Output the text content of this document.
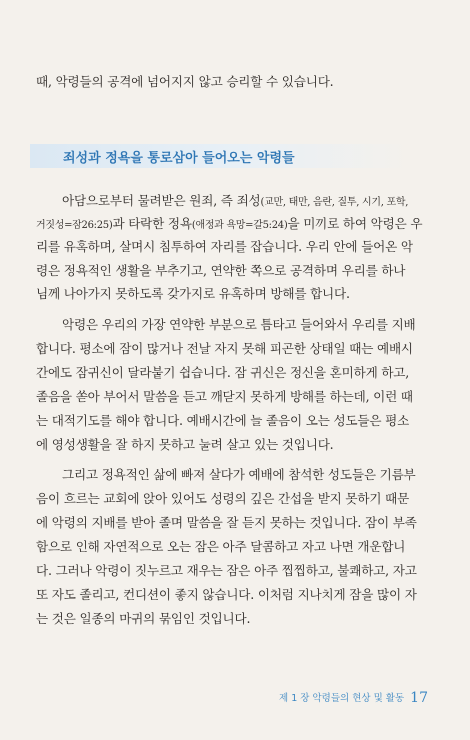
때, 악령들의 공격에 넘어지지 않고 승리할 수 있습니다.
죄성과 정욕을 통로삼아 들어오는 악령들
아담으로부터 물려받은 원죄, 즉 죄성(교만, 태만, 음란, 질투, 시기, 포학,
거짓성=잠26:25)과 타락한 정욕(애정과 욕망=갈5:24)을 미끼로 하여 악령은 우
리를 유혹하며, 살며시 침투하여 자리를 잡습니다. 우리 안에 들어온 악
령은 정욕적인 생활을 부추기고, 연약한 쪽으로 공격하며 우리를 하나
님께 나아가지 못하도록 갖가지로 유혹하며 방해를 합니다.
악령은 우리의 가장 연약한 부분으로 틈타고 들어와서 우리를 지배
합니다. 평소에 잠이 많거나 전날 자지 못해 피곤한 상태일 때는 예배시
간에도 잠귀신이 달라붙기 쉽습니다. 잠 귀신은 정신을 혼미하게 하고,
졸음을 쏟아 부어서 말씀을 듣고 깨닫지 못하게 방해를 하는데, 이런 때
는 대적기도를 해야 합니다. 예배시간에 늘 졸음이 오는 성도들은 평소
에 영성생활을 잘 하지 못하고 눌려 살고 있는 것입니다.
그리고 정욕적인 삶에 빠져 살다가 예배에 참석한 성도들은 기름부
음이 흐르는 교회에 앉아 있어도 성령의 깊은 간섭을 받지 못하기 때문
에 악령의 지배를 받아 졸며 말씀을 잘 듣지 못하는 것입니다. 잠이 부족
함으로 인해 자연적으로 오는 잠은 아주 달콤하고 자고 나면 개운합니
다. 그러나 악령이 짓누르고 재우는 잠은 아주 찝찝하고, 불쾌하고, 자고
또 자도 졸리고, 컨디션이 좋지 않습니다. 이처럼 지나치게 잠을 많이 자
는 것은 일종의 마귀의 묶임인 것입니다.
제 1 장 악령들의 현상 및 활동 17
